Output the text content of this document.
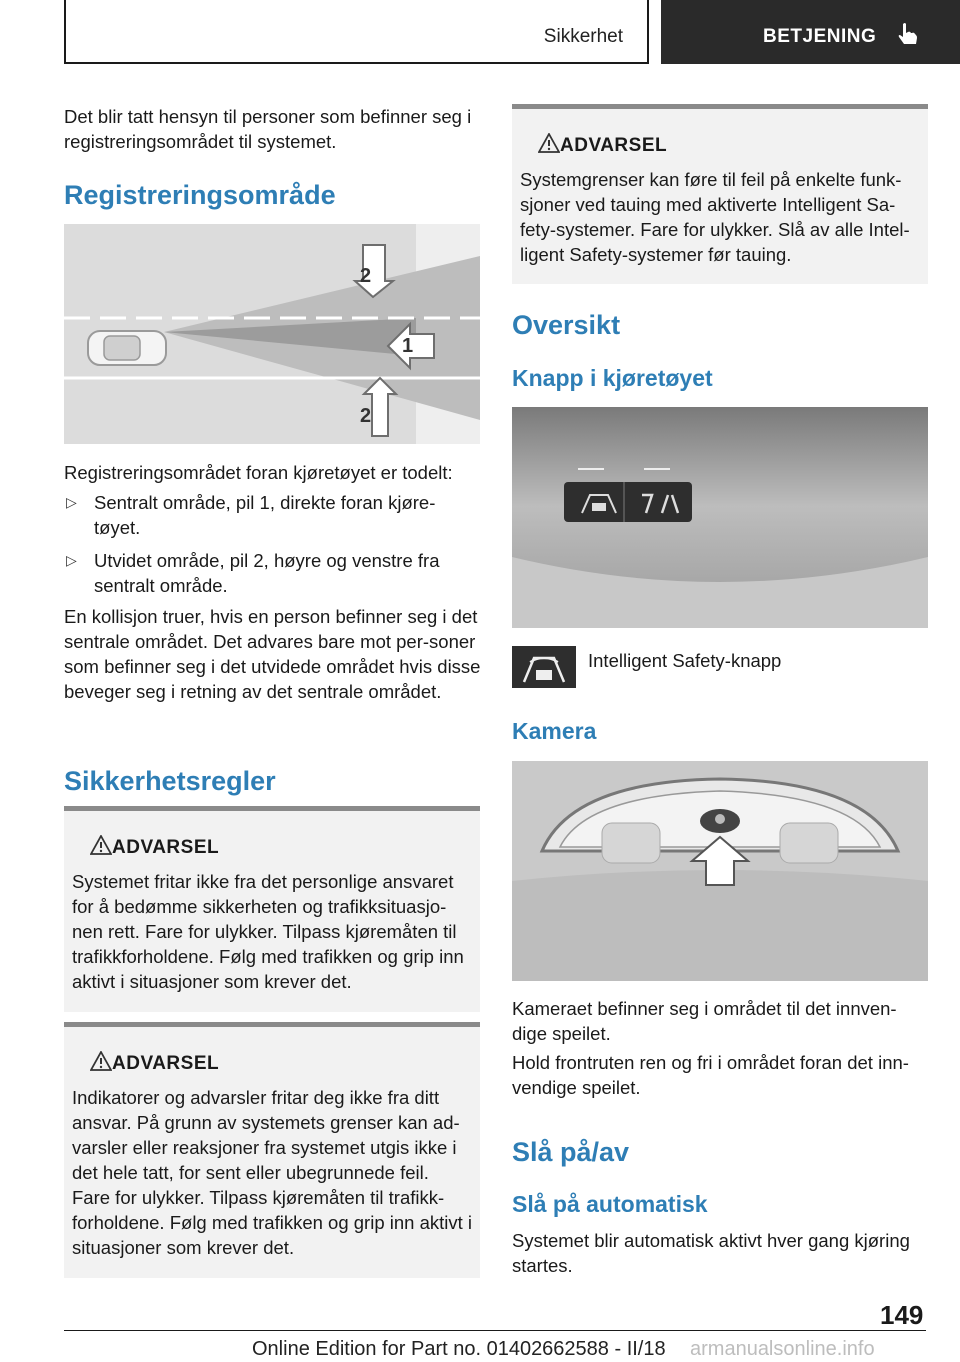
Sikkerhet	BETJENING
Det blir tatt hensyn til personer som befinner seg i registreringsområdet til systemet.
Registreringsområde
2
1
2
Registreringsområdet foran kjøretøyet er todelt:
▷ Sentralt område, pil 1, direkte foran kjøre-tøyet.
▷ Utvidet område, pil 2, høyre og venstre fra sentralt område.
En kollisjon truer, hvis en person befinner seg i det sentrale området. Det advares bare mot per-soner som befinner seg i det utvidede området hvis disse beveger seg i retning av det sentrale området.
Sikkerhetsregler
ADVARSEL
Systemet fritar ikke fra det personlige ansvaret for å bedømme sikkerheten og trafikksituasjo-nen rett. Fare for ulykker. Tilpass kjøremåten til trafikkforholdene. Følg med trafikken og grip inn aktivt i situasjoner som krever det.
ADVARSEL
Indikatorer og advarsler fritar deg ikke fra ditt ansvar. På grunn av systemets grenser kan ad-varsler eller reaksjoner fra systemet utgis ikke i det hele tatt, for sent eller ubegrunnede feil. Fare for ulykker. Tilpass kjøremåten til trafikk-forholdene. Følg med trafikken og grip inn aktivt i situasjoner som krever det.
ADVARSEL
Systemgrenser kan føre til feil på enkelte funk-sjoner ved tauing med aktiverte Intelligent Sa-fety-systemer. Fare for ulykker. Slå av alle Intel-ligent Safety-systemer før tauing.
Oversikt
Knapp i kjøretøyet
Intelligent Safety-knapp
Kamera
Kameraet befinner seg i området til det innven-dige speilet.
Hold frontruten ren og fri i området foran det inn-vendige speilet.
Slå på/av
Slå på automatisk
Systemet blir automatisk aktivt hver gang kjøring startes.
149
Online Edition for Part no. 01402662588 - II/18 armanualsonline.info
